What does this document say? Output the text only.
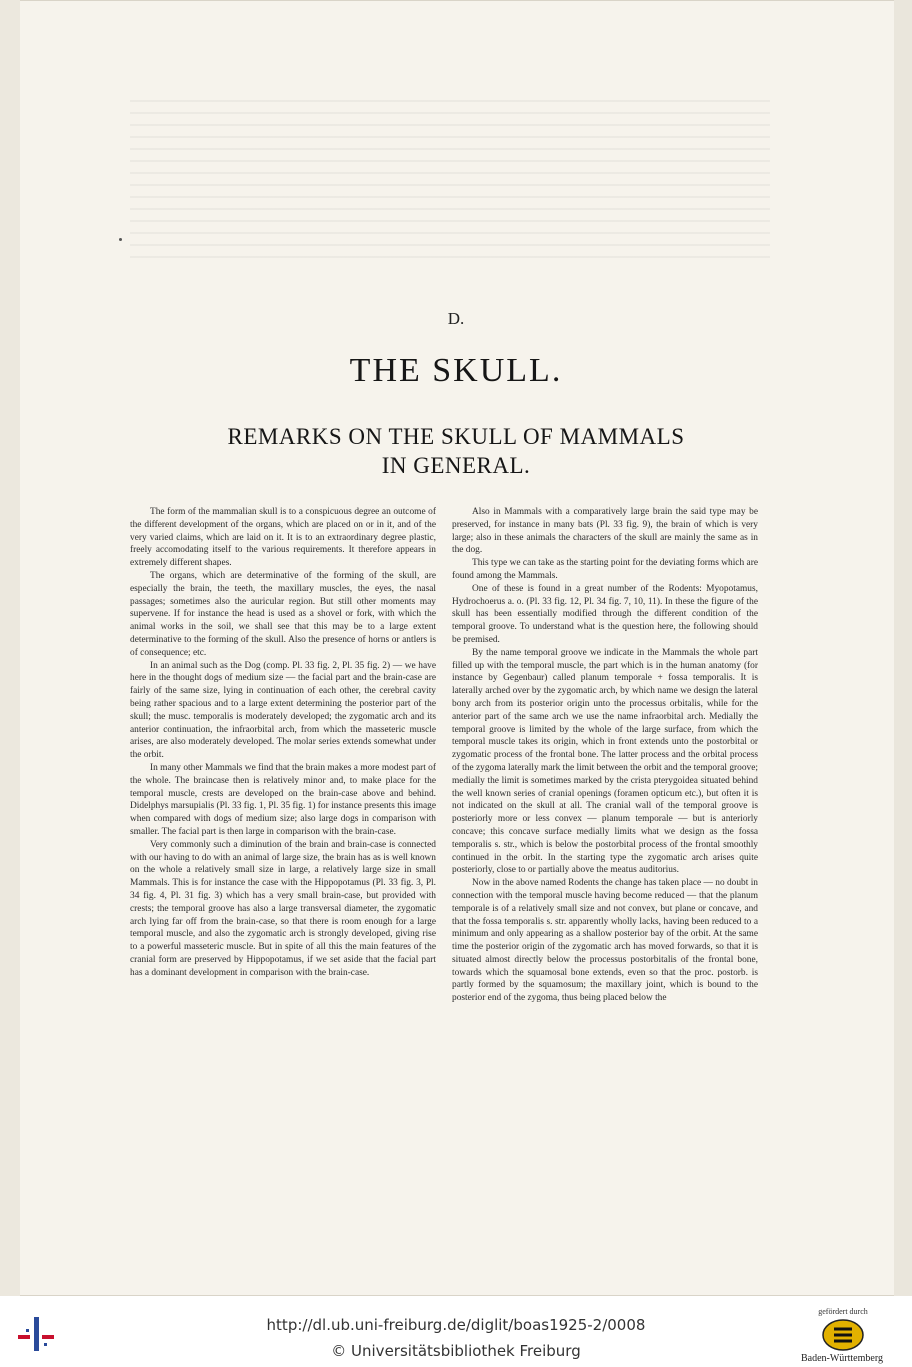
D.
THE SKULL.
REMARKS ON THE SKULL OF MAMMALS
IN GENERAL.

The form of the mammalian skull is to a conspicuous degree an outcome of the different development of the organs, which are placed on or in it, and of the very varied claims, which are laid on it. It is to an extraordinary degree plastic, freely accomodating itself to the various requirements. It therefore appears in extremely different shapes.

The organs, which are determinative of the forming of the skull, are especially the brain, the teeth, the maxillary muscles, the eyes, the nasal passages; sometimes also the auricular region. But still other moments may supervene. If for instance the head is used as a shovel or fork, with which the animal works in the soil, we shall see that this may be to a large extent determinative to the forming of the skull. Also the presence of horns or antlers is of consequence; etc.

In an animal such as the Dog (comp. Pl. 33 fig. 2, Pl. 35 fig. 2) — we have here in the thought dogs of medium size — the facial part and the brain-case are fairly of the same size, lying in continuation of each other, the cerebral cavity being rather spacious and to a large extent determining the posterior part of the skull; the musc. temporalis is moderately developed; the zygomatic arch and its anterior continuation, the infraorbital arch, from which the masseteric muscle arises, are also moderately developed. The molar series extends somewhat under the orbit.

In many other Mammals we find that the brain makes a more modest part of the whole. The braincase then is relatively minor and, to make place for the temporal muscle, crests are developed on the brain-case above and behind. Didelphys marsupialis (Pl. 33 fig. 1, Pl. 35 fig. 1) for instance presents this image when compared with dogs of medium size; also large dogs in comparison with smaller. The facial part is then large in comparison with the brain-case.

Very commonly such a diminution of the brain and brain-case is connected with our having to do with an animal of large size, the brain has as is well known on the whole a relatively small size in large, a relatively large size in small Mammals. This is for instance the case with the Hippopotamus (Pl. 33 fig. 3, Pl. 34 fig. 4, Pl. 31 fig. 3) which has a very small brain-case, but provided with crests; the temporal groove has also a large transversal diameter, the zygomatic arch lying far off from the brain-case, so that there is room enough for a large temporal muscle, and also the zygomatic arch is strongly developed, giving rise to a powerful masseteric muscle. But in spite of all this the main features of the cranial form are preserved by Hippopotamus, if we set aside that the facial part has a dominant development in comparison with the brain-case.

Also in Mammals with a comparatively large brain the said type may be preserved, for instance in many bats (Pl. 33 fig. 9), the brain of which is very large; also in these animals the characters of the skull are mainly the same as in the dog.

This type we can take as the starting point for the deviating forms which are found among the Mammals.

One of these is found in a great number of the Rodents: Myopotamus, Hydrochoerus a. o. (Pl. 33 fig. 12, Pl. 34 fig. 7, 10, 11). In these the figure of the skull has been essentially modified through the different condition of the temporal groove. To understand what is the question here, the following should be premised.

By the name temporal groove we indicate in the Mammals the whole part filled up with the temporal muscle, the part which is in the human anatomy (for instance by Gegenbaur) called planum temporale + fossa temporalis. It is laterally arched over by the zygomatic arch, by which name we design the lateral bony arch from its posterior origin unto the processus orbitalis, while for the anterior part of the same arch we use the name infraorbital arch. Medially the temporal groove is limited by the whole of the large surface, from which the temporal muscle takes its origin, which in front extends unto the postorbital or zygomatic process of the frontal bone. The latter process and the orbital process of the zygoma laterally mark the limit between the orbit and the temporal groove; medially the limit is sometimes marked by the crista pterygoidea situated behind the well known series of cranial openings (foramen opticum etc.), but often it is not indicated on the skull at all. The cranial wall of the temporal groove is posteriorly more or less convex — planum temporale — but is anteriorly concave; this concave surface medially limits what we design as the fossa temporalis s. str., which is below the postorbital process of the frontal smoothly continued in the orbit. In the starting type the zygomatic arch arises quite posteriorly, close to or partially above the meatus auditorius.

Now in the above named Rodents the change has taken place — no doubt in connection with the temporal muscle having become reduced — that the planum temporale is of a relatively small size and not convex, but plane or concave, and that the fossa temporalis s. str. apparently wholly lacks, having been reduced to a minimum and only appearing as a shallow posterior bay of the orbit. At the same time the posterior origin of the zygomatic arch has moved forwards, so that it is situated almost directly below the processus postorbitalis of the frontal bone, towards which the squamosal bone extends, even so that the proc. postorb. is partly formed by the squamosum; the maxillary joint, which is bound to the posterior end of the zygoma, thus being placed below the

http://dl.ub.uni-freiburg.de/diglit/boas1925-2/0008
© Universitätsbibliothek Freiburg
gefördert durch
Baden-Württemberg
